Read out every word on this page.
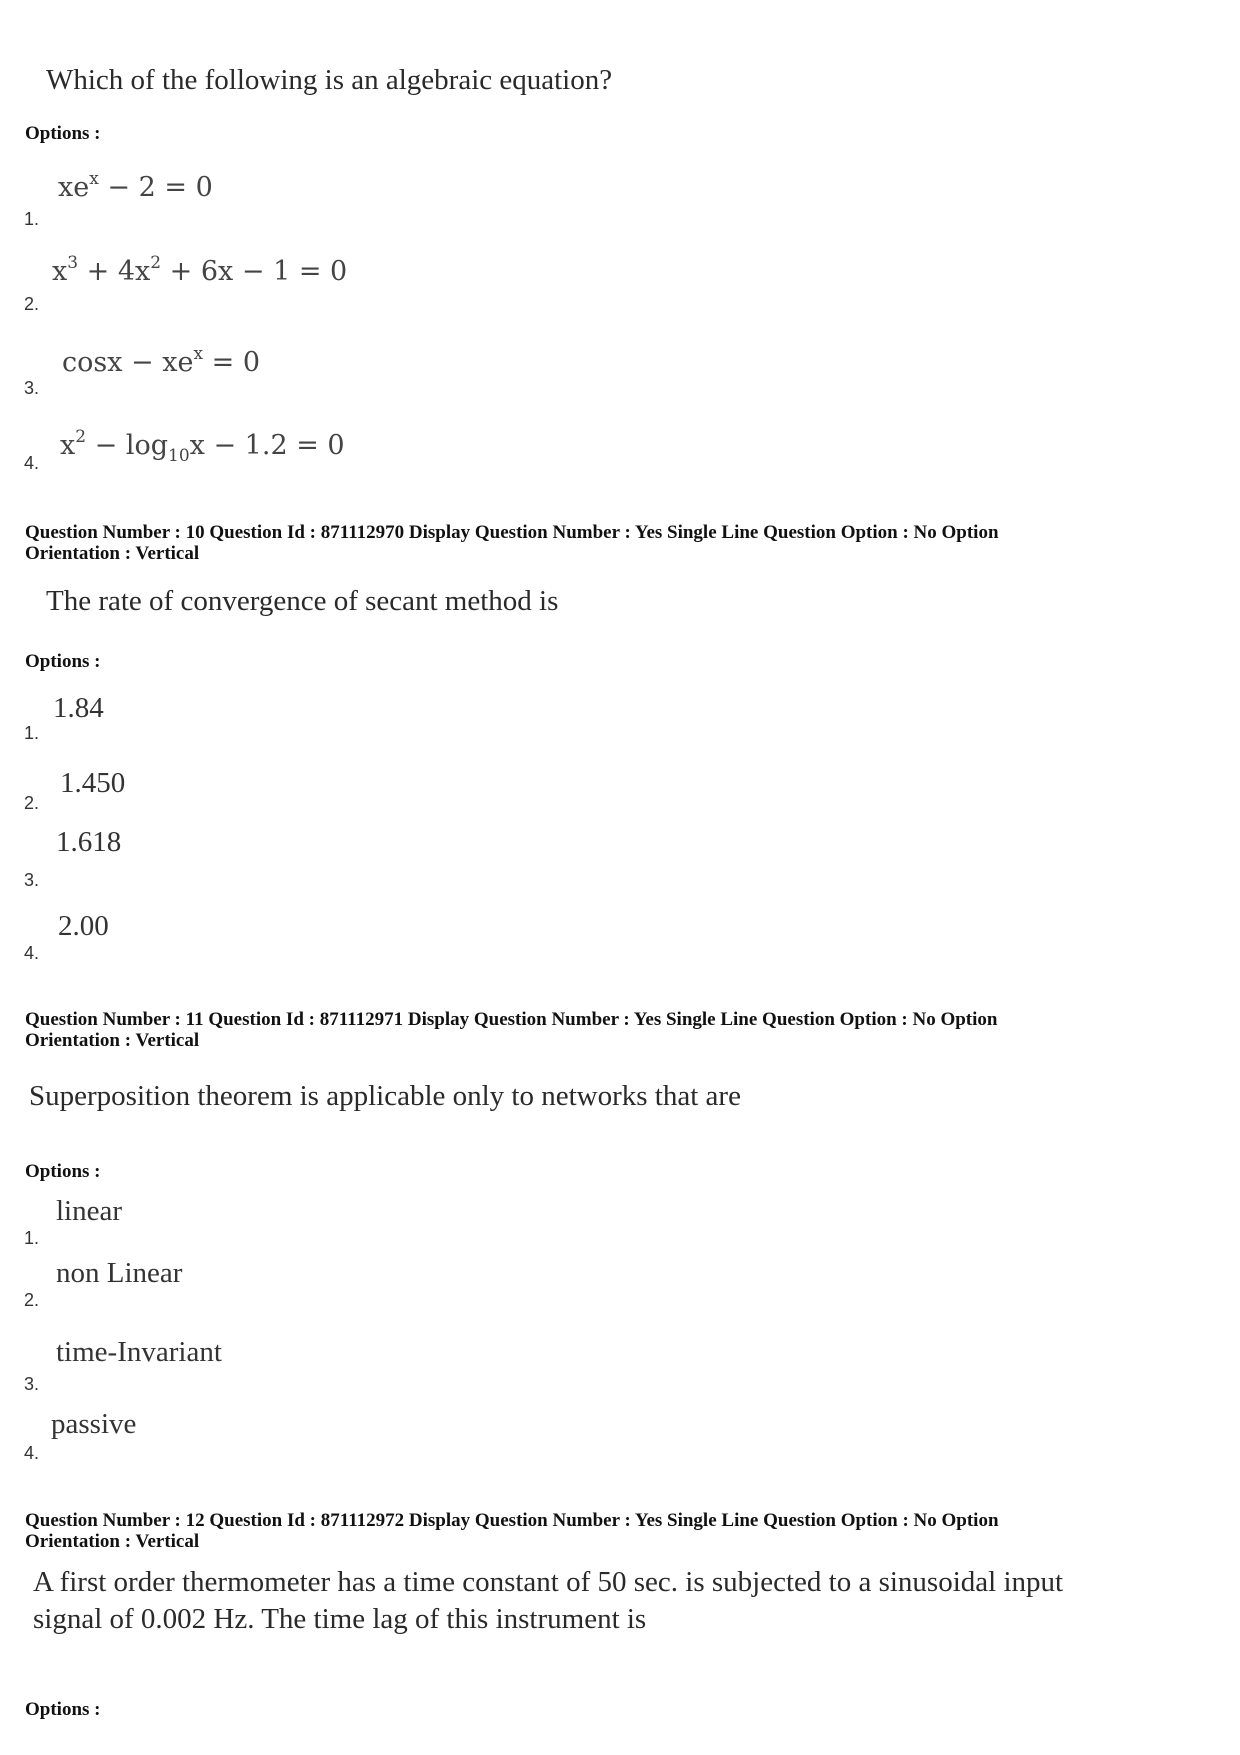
Which of the following is an algebraic equation?
Options :
1.
$xe^x - 2 = 0$
2.
$x^3 + 4x^2 + 6x - 1 = 0$
3.
$\cos x - xe^x = 0$
4.
$x^2 - \log_{10}x - 1.2 = 0$
Question Number : 10 Question Id : 871112970 Display Question Number : Yes Single Line Question Option : No Option
Orientation : Vertical
The rate of convergence of secant method is
Options :
1.
1.84
2.
1.450
3.
1.618
4.
2.00
Question Number : 11 Question Id : 871112971 Display Question Number : Yes Single Line Question Option : No Option
Orientation : Vertical
Superposition theorem is applicable only to networks that are
Options :
1.
linear
2.
non Linear
3.
time-Invariant
4.
passive
Question Number : 12 Question Id : 871112972 Display Question Number : Yes Single Line Question Option : No Option
Orientation : Vertical
A first order thermometer has a time constant of 50 sec. is subjected to a sinusoidal input
signal of 0.002 Hz. The time lag of this instrument is
Options :
